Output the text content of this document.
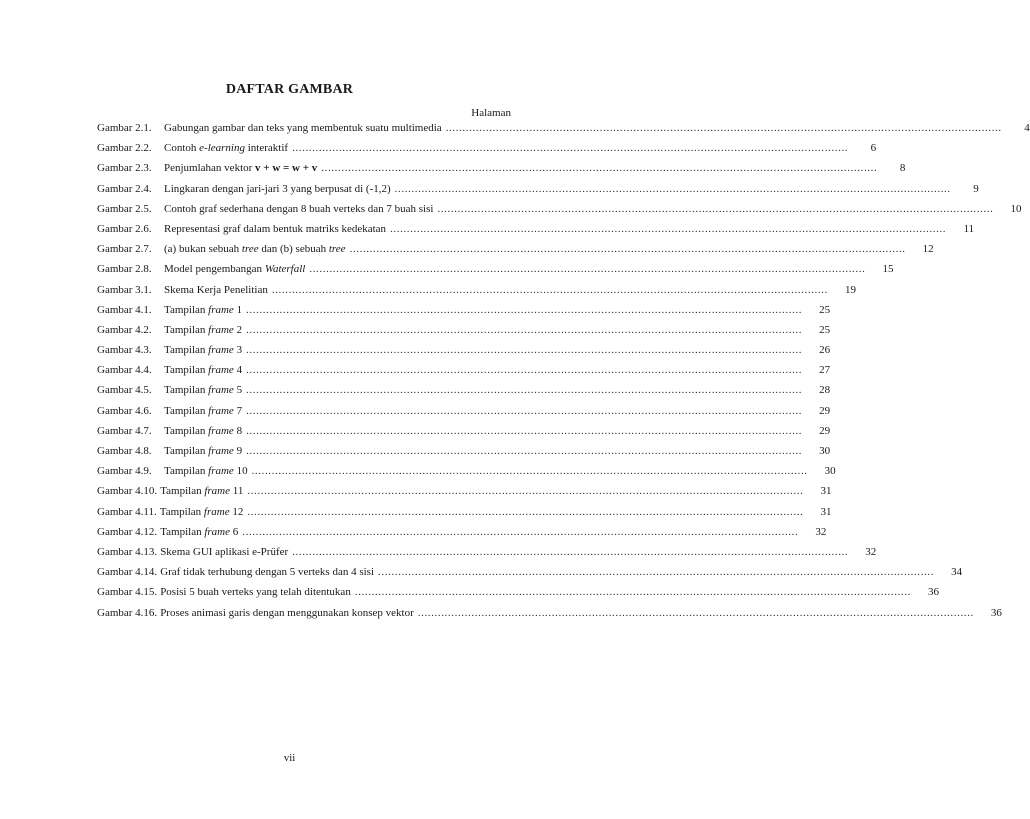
DAFTAR GAMBAR
Halaman
Gambar 2.1.	Gabungan gambar dan teks yang membentuk suatu multimedia .....	4
Gambar 2.2.	Contoh e-learning interaktif .....	6
Gambar 2.3.	Penjumlahan vektor v + w = w + v .....	8
Gambar 2.4.	Lingkaran dengan jari-jari 3 yang berpusat di (-1,2) .....	9
Gambar 2.5.	Contoh graf sederhana dengan 8 buah verteks dan 7 buah sisi .....	10
Gambar 2.6.	Representasi graf dalam bentuk matriks kedekatan .....	11
Gambar 2.7.	(a) bukan sebuah tree dan (b) sebuah tree .....	12
Gambar 2.8.	Model pengembangan Waterfall .....	15
Gambar 3.1.	Skema Kerja Penelitian .....	19
Gambar 4.1.	Tampilan frame 1 .....	25
Gambar 4.2.	Tampilan frame 2 .....	25
Gambar 4.3.	Tampilan frame 3 .....	26
Gambar 4.4.	Tampilan frame 4 .....	27
Gambar 4.5.	Tampilan frame 5 .....	28
Gambar 4.6.	Tampilan frame 7 .....	29
Gambar 4.7.	Tampilan frame 8 .....	29
Gambar 4.8.	Tampilan frame 9 .....	30
Gambar 4.9.	Tampilan frame 10 .....	30
Gambar 4.10. Tampilan frame 11 .....	31
Gambar 4.11. Tampilan frame 12 .....	31
Gambar 4.12. Tampilan frame 6 .....	32
Gambar 4.13. Skema GUI aplikasi e-Prüfer .....	32
Gambar 4.14. Graf tidak terhubung dengan 5 verteks dan 4 sisi .....	34
Gambar 4.15. Posisi 5 buah verteks yang telah ditentukan .....	36
Gambar 4.16. Proses animasi garis dengan menggunakan konsep vektor .....	36
vii
